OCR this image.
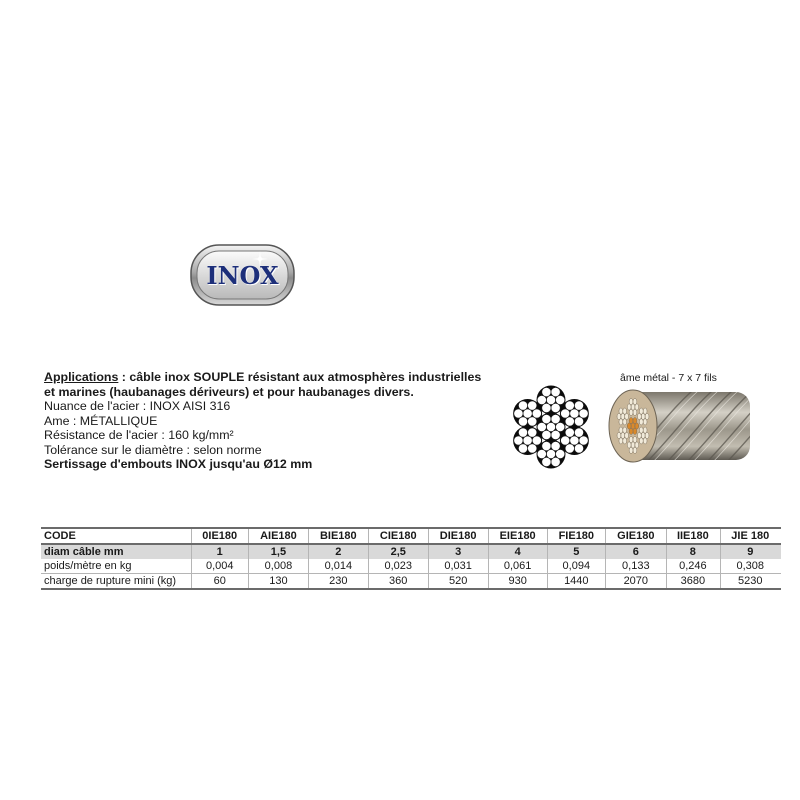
INOX
Applications : câble inox SOUPLE résistant aux atmosphères industrielles
et marines (haubanages dériveurs) et pour haubanages divers.
Nuance de l'acier : INOX AISI 316
Ame : MÉTALLIQUE
Résistance de l'acier : 160 kg/mm²
Tolérance sur le diamètre : selon norme
Sertissage d'embouts INOX jusqu'au Ø12 mm
âme métal - 7 x 7 fils
CODE	0IE180	AIE180	BIE180	CIE180	DIE180	EIE180	FIE180	GIE180	IIE180	JIE 180
diam câble mm	1	1,5	2	2,5	3	4	5	6	8	9
poids/mètre en kg	0,004	0,008	0,014	0,023	0,031	0,061	0,094	0,133	0,246	0,308
charge de rupture mini (kg)	60	130	230	360	520	930	1440	2070	3680	5230
